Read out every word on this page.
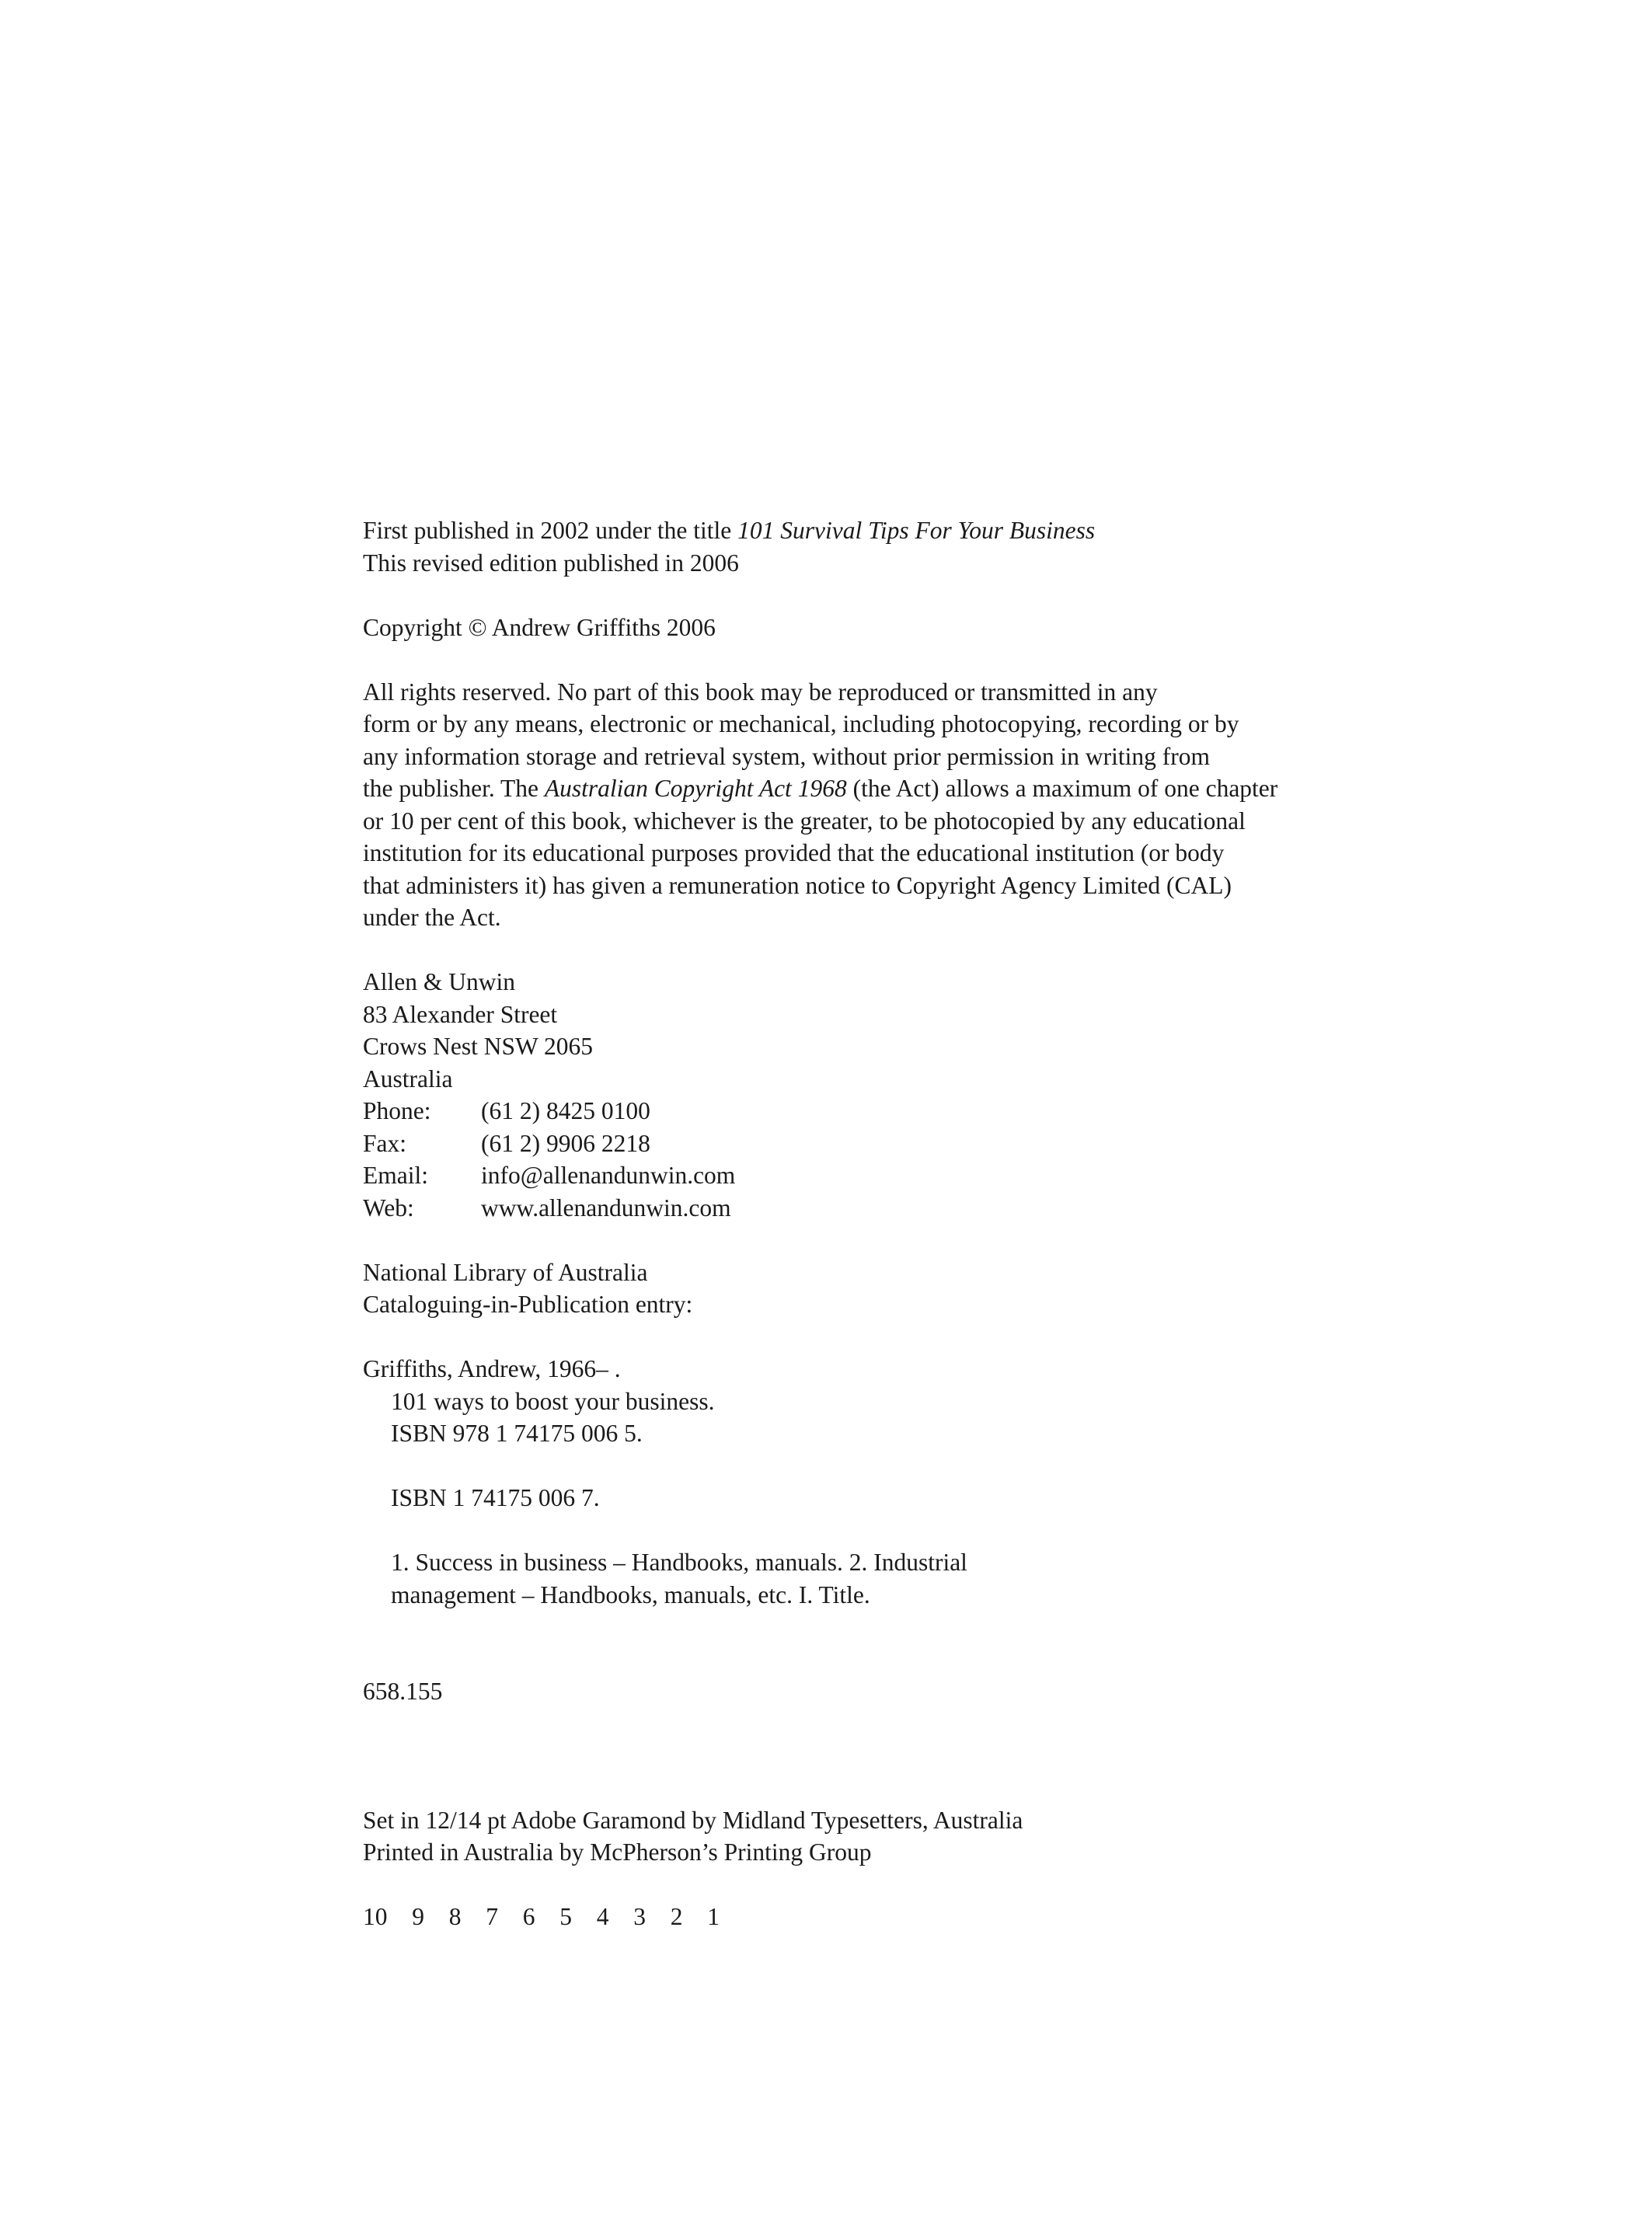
First published in 2002 under the title 101 Survival Tips For Your Business
This revised edition published in 2006
Copyright © Andrew Griffiths 2006
All rights reserved. No part of this book may be reproduced or transmitted in any
form or by any means, electronic or mechanical, including photocopying, recording or by
any information storage and retrieval system, without prior permission in writing from
the publisher. The Australian Copyright Act 1968 (the Act) allows a maximum of one chapter
or 10 per cent of this book, whichever is the greater, to be photocopied by any educational
institution for its educational purposes provided that the educational institution (or body
that administers it) has given a remuneration notice to Copyright Agency Limited (CAL)
under the Act.
Allen & Unwin
83 Alexander Street
Crows Nest NSW 2065
Australia
Phone:	(61 2) 8425 0100
Fax:	(61 2) 9906 2218
Email:	info@allenandunwin.com
Web:	www.allenandunwin.com
National Library of Australia
Cataloguing-in-Publication entry:
Griffiths, Andrew, 1966– .
101 ways to boost your business.
ISBN 978 1 74175 006 5.
ISBN 1 74175 006 7.
1. Success in business – Handbooks, manuals. 2. Industrial
management – Handbooks, manuals, etc. I. Title.
658.155
Set in 12/14 pt Adobe Garamond by Midland Typesetters, Australia
Printed in Australia by McPherson’s Printing Group
10  9  8  7  6  5  4  3  2  1
